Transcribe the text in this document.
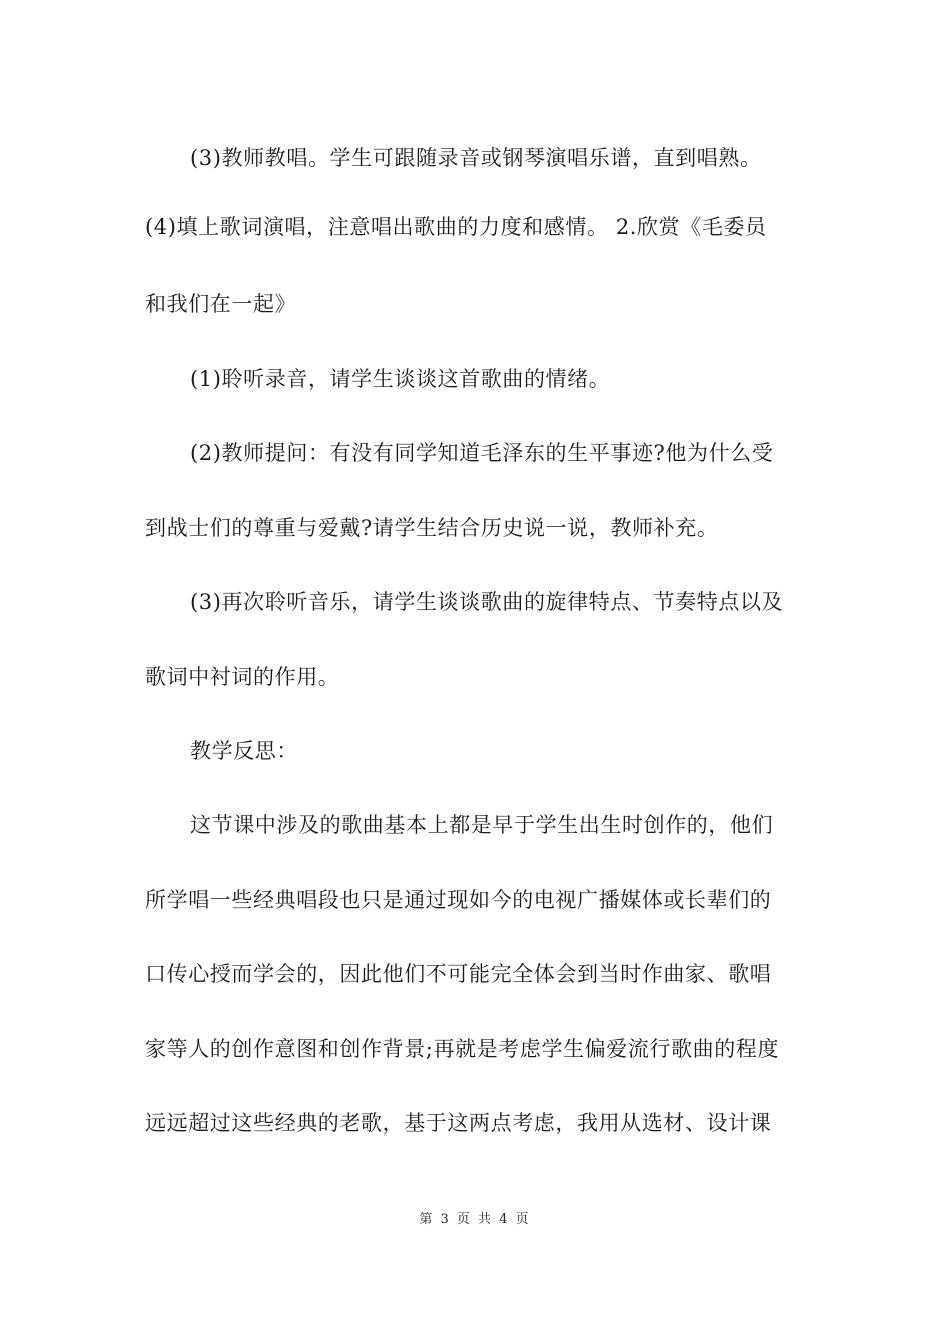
(3)教师教唱。学生可跟随录音或钢琴演唱乐谱，直到唱熟。
(4)填上歌词演唱，注意唱出歌曲的力度和感情。 2.欣赏《毛委员
和我们在一起》
(1)聆听录音，请学生谈谈这首歌曲的情绪。
(2)教师提问：有没有同学知道毛泽东的生平事迹?他为什么受
到战士们的尊重与爱戴?请学生结合历史说一说，教师补充。
(3)再次聆听音乐，请学生谈谈歌曲的旋律特点、节奏特点以及
歌词中衬词的作用。
教学反思：
这节课中涉及的歌曲基本上都是早于学生出生时创作的，他们
所学唱一些经典唱段也只是通过现如今的电视广播媒体或长辈们的
口传心授而学会的，因此他们不可能完全体会到当时作曲家、歌唱
家等人的创作意图和创作背景;再就是考虑学生偏爱流行歌曲的程度
远远超过这些经典的老歌，基于这两点考虑，我用从选材、设计课
第 3 页 共 4 页
